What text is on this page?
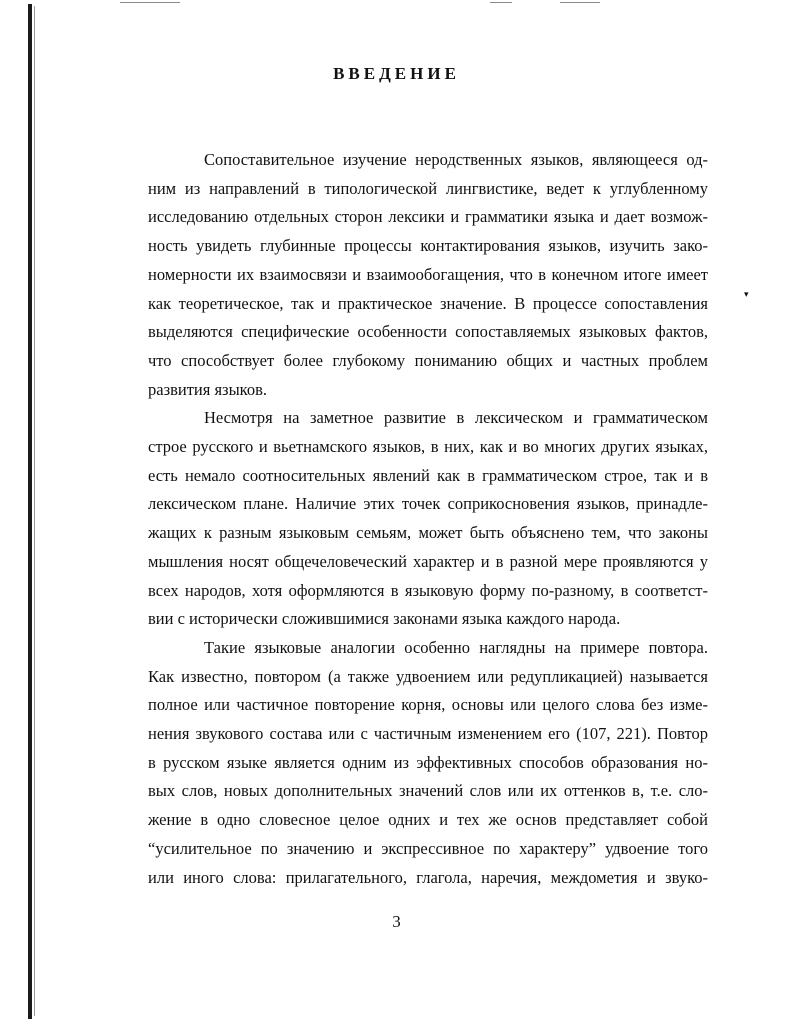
▾
ВВЕДЕНИЕ

Сопоставительное изучение неродственных языков, являющееся од-
ним из направлений в типологической лингвистике, ведет к углубленному
исследованию отдельных сторон лексики и грамматики языка и дает возмож-
ность увидеть глубинные процессы контактирования языков, изучить зако-
номерности их взаимосвязи и взаимообогащения, что в конечном итоге имеет
как теоретическое, так и практическое значение. В процессе сопоставления
выделяются специфические особенности сопоставляемых языковых фактов,
что способствует более глубокому пониманию общих и частных проблем
развития языков.

Несмотря на заметное развитие в лексическом и грамматическом
строе русского и вьетнамского языков, в них, как и во многих других языках,
есть немало соотносительных явлений как в грамматическом строе, так и в
лексическом плане. Наличие этих точек соприкосновения языков, принадле-
жащих к разным языковым семьям, может быть объяснено тем, что законы
мышления носят общечеловеческий характер и в разной мере проявляются у
всех народов, хотя оформляются в языковую форму по-разному, в соответст-
вии с исторически сложившимися законами языка каждого народа.

Такие языковые аналогии особенно наглядны на примере повтора.
Как известно, повтором (а также удвоением или редупликацией) называется
полное или частичное повторение корня, основы или целого слова без изме-
нения звукового состава или с частичным изменением его (107, 221). Повтор
в русском языке является одним из эффективных способов образования но-
вых слов, новых дополнительных значений слов или их оттенков в, т.е. сло-
жение в одно словесное целое одних и тех же основ представляет собой
“усилительное по значению и экспрессивное по характеру” удвоение того
или иного слова: прилагательного, глагола, наречия, междометия и звуко-

3
